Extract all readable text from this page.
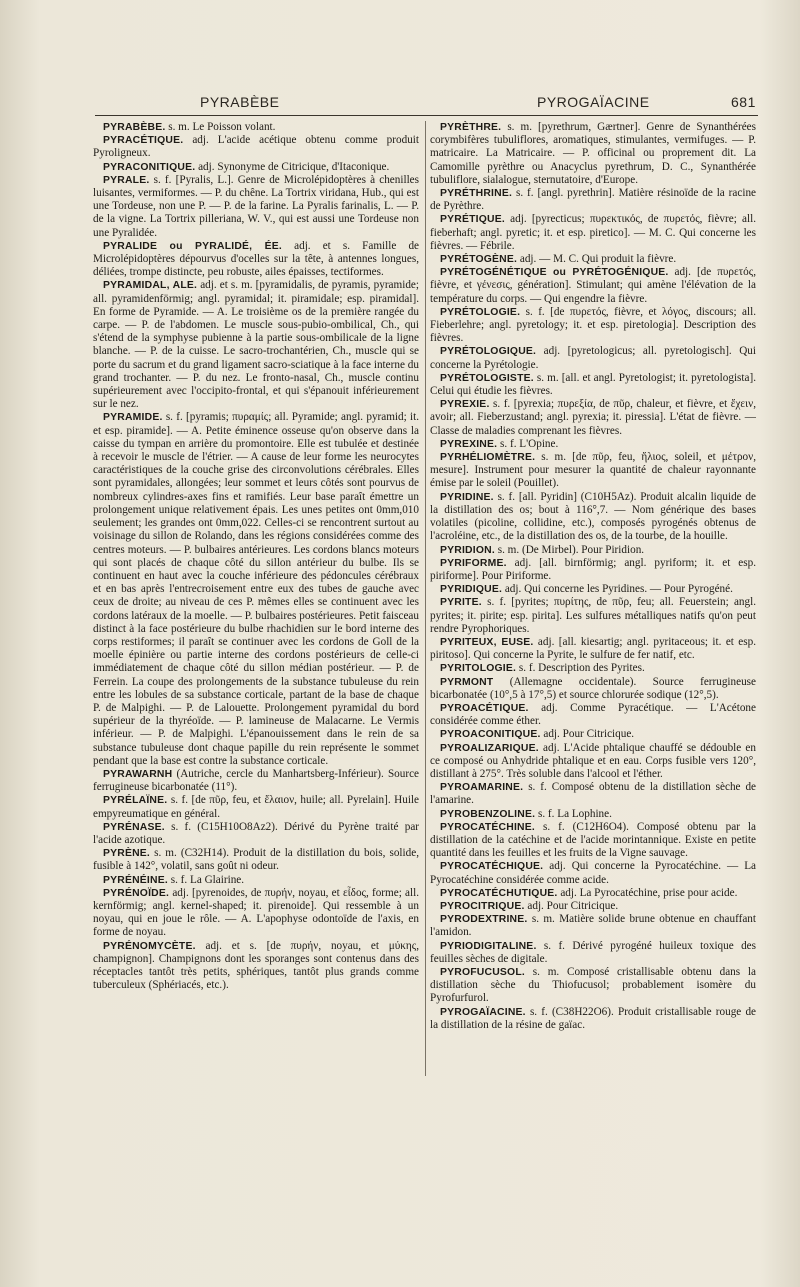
PYRABÈBE	PYROGAÏACINE	681

PYRABÈBE. s. m. Le Poisson volant.

PYRACÉTIQUE. adj. L'acide acétique obtenu comme produit Pyroligneux.

PYRACONITIQUE. adj. Synonyme de Citricique, d'Itaconique.

PYRALE. s. f. [Pyralis, L.]. Genre de Microlépidoptères à chenilles luisantes, vermiformes. — P. du chêne. La Tortrix viridana, Hub., qui est une Tordeuse, non une P. — P. de la farine. La Pyralis farinalis, L. — P. de la vigne. La Tortrix pilleriana, W. V., qui est aussi une Tordeuse non une Pyralidée.

PYRALIDE ou PYRALIDÉ, ÉE. adj. et s. Famille de Microlépidoptères dépourvus d'ocelles sur la tête, à antennes longues, déliées, trompe distincte, peu robuste, ailes épaisses, tectiformes.

PYRAMIDAL, ALE. adj. et s. m. [pyramidalis, de pyramis, pyramide; all. pyramidenförmig; angl. pyramidal; it. piramidale; esp. piramidal]. En forme de Pyramide. — A. Le troisième os de la première rangée du carpe. — P. de l'abdomen. Le muscle sous-pubio-ombilical, Ch., qui s'étend de la symphyse pubienne à la partie sous-ombilicale de la ligne blanche. — P. de la cuisse. Le sacro-trochantérien, Ch., muscle qui se porte du sacrum et du grand ligament sacro-sciatique à la face interne du grand trochanter. — P. du nez. Le fronto-nasal, Ch., muscle continu supérieurement avec l'occipito-frontal, et qui s'épanouit inférieurement sur le nez.

PYRAMIDE. s. f. [pyramis; πυραμίς; all. Pyramide; angl. pyramid; it. et esp. piramide]. — A. Petite éminence osseuse qu'on observe dans la caisse du tympan en arrière du promontoire. Elle est tubulée et destinée à recevoir le muscle de l'étrier. — A cause de leur forme les neurocytes caractéristiques de la couche grise des circonvolutions cérébrales. Elles sont pyramidales, allongées; leur sommet et leurs côtés sont pourvus de nombreux cylindres-axes fins et ramifiés. Leur base paraît émettre un prolongement unique relativement épais. Les unes petites ont 0mm,010 seulement; les grandes ont 0mm,022. Celles-ci se rencontrent surtout au voisinage du sillon de Rolando, dans les régions considérées comme des centres moteurs. — P. bulbaires antérieures. Les cordons blancs moteurs qui sont placés de chaque côté du sillon antérieur du bulbe. Ils se continuent en haut avec la couche inférieure des pédoncules cérébraux et en bas après l'entrecroisement entre eux des tubes de gauche avec ceux de droite; au niveau de ces P. mêmes elles se continuent avec les cordons latéraux de la moelle. — P. bulbaires postérieures. Petit faisceau distinct à la face postérieure du bulbe rhachidien sur le bord interne des corps restiformes; il paraît se continuer avec les cordons de Goll de la moelle épinière ou partie interne des cordons postérieurs de celle-ci immédiatement de chaque côté du sillon médian postérieur. — P. de Ferrein. La coupe des prolongements de la substance tubuleuse du rein entre les lobules de sa substance corticale, partant de la base de chaque P. de Malpighi. — P. de Lalouette. Prolongement pyramidal du bord supérieur de la thyréoïde. — P. lamineuse de Malacarne. Le Vermis inférieur. — P. de Malpighi. L'épanouissement dans le rein de sa substance tubuleuse dont chaque papille du rein représente le sommet pendant que la base est contre la substance corticale.

PYRAWARNH (Autriche, cercle du Manhartsberg-Inférieur). Source ferrugineuse bicarbonatée (11°).

PYRÉLAÏNE. s. f. [de πῦρ, feu, et ἔλαιον, huile; all. Pyrelain]. Huile empyreumatique en général.

PYRÉNASE. s. f. (C15H10O8Az2). Dérivé du Pyrène traité par l'acide azotique.

PYRÈNE. s. m. (C32H14). Produit de la distillation du bois, solide, fusible à 142°, volatil, sans goût ni odeur.

PYRÉNÉINE. s. f. La Glairine.

PYRÉNOÏDE. adj. [pyrenoides, de πυρήν, noyau, et εἶδος, forme; all. kernförmig; angl. kernel-shaped; it. pirenoide]. Qui ressemble à un noyau, qui en joue le rôle. — A. L'apophyse odontoïde de l'axis, en forme de noyau.

PYRÉNOMYCÈTE. adj. et s. [de πυρήν, noyau, et μύκης, champignon]. Champignons dont les sporanges sont contenus dans des réceptacles tantôt très petits, sphériques, tantôt plus grands comme tuberculeux (Sphériacés, etc.).

PYRÈTHRE. s. m. [pyrethrum, Gærtner]. Genre de Synanthérées corymbifères tubuliflores, aromatiques, stimulantes, vermifuges. — P. matricaire. La Matricaire. — P. officinal ou proprement dit. La Camomille pyrèthre ou Anacyclus pyrethrum, D. C., Synanthérée tubuliflore, sialalogue, sternutatoire, d'Europe.

PYRÉTHRINE. s. f. [angl. pyrethrin]. Matière résinoïde de la racine de Pyrèthre.

PYRÉTIQUE. adj. [pyrecticus; πυρεκτικός, de πυρετός, fièvre; all. fieberhaft; angl. pyretic; it. et esp. piretico]. — M. C. Qui concerne les fièvres. — Fébrile.

PYRÉTOGÈNE. adj. — M. C. Qui produit la fièvre.

PYRÉTOGÉNÉTIQUE ou PYRÉTOGÉNIQUE. adj. [de πυρετός, fièvre, et γένεσις, génération]. Stimulant; qui amène l'élévation de la température du corps. — Qui engendre la fièvre.

PYRÉTOLOGIE. s. f. [de πυρετός, fièvre, et λόγος, discours; all. Fieberlehre; angl. pyretology; it. et esp. piretologia]. Description des fièvres.

PYRÉTOLOGIQUE. adj. [pyretologicus; all. pyretologisch]. Qui concerne la Pyrétologie.

PYRÉTOLOGISTE. s. m. [all. et angl. Pyretologist; it. pyretologista]. Celui qui étudie les fièvres.

PYREXIE. s. f. [pyrexia; πυρεξία, de πῦρ, chaleur, et fièvre, et ἔχειν, avoir; all. Fieberzustand; angl. pyrexia; it. piressia]. L'état de fièvre. — Classe de maladies comprenant les fièvres.

PYREXINE. s. f. L'Opine.

PYRHÉLIOMÈTRE. s. m. [de πῦρ, feu, ἥλιος, soleil, et μέτρον, mesure]. Instrument pour mesurer la quantité de chaleur rayonnante émise par le soleil (Pouillet).

PYRIDINE. s. f. [all. Pyridin] (C10H5Az). Produit alcalin liquide de la distillation des os; bout à 116°,7. — Nom générique des bases volatiles (picoline, collidine, etc.), composés pyrogénés obtenus de l'acroléine, etc., de la distillation des os, de la tourbe, de la houille.

PYRIDION. s. m. (De Mirbel). Pour Piridion.

PYRIFORME. adj. [all. birnförmig; angl. pyriform; it. et esp. piriforme]. Pour Piriforme.

PYRIDIQUE. adj. Qui concerne les Pyridines. — Pour Pyrogéné.

PYRITE. s. f. [pyrites; πυρίτης, de πῦρ, feu; all. Feuerstein; angl. pyrites; it. pirite; esp. pirita]. Les sulfures métalliques natifs qu'on peut rendre Pyrophoriques.

PYRITEUX, EUSE. adj. [all. kiesartig; angl. pyritaceous; it. et esp. piritoso]. Qui concerne la Pyrite, le sulfure de fer natif, etc.

PYRITOLOGIE. s. f. Description des Pyrites.

PYRMONT (Allemagne occidentale). Source ferrugineuse bicarbonatée (10°,5 à 17°,5) et source chlorurée sodique (12°,5).

PYROACÉTIQUE. adj. Comme Pyracétique. — L'Acétone considérée comme éther.

PYROACONITIQUE. adj. Pour Citricique.

PYROALIZARIQUE. adj. L'Acide phtalique chauffé se dédouble en ce composé ou Anhydride phtalique et en eau. Corps fusible vers 120°, distillant à 275°. Très soluble dans l'alcool et l'éther.

PYROAMARINE. s. f. Composé obtenu de la distillation sèche de l'amarine.

PYROBENZOLINE. s. f. La Lophine.

PYROCATÉCHINE. s. f. (C12H6O4). Composé obtenu par la distillation de la catéchine et de l'acide morintannique. Existe en petite quantité dans les feuilles et les fruits de la Vigne sauvage.

PYROCATÉCHIQUE. adj. Qui concerne la Pyrocatéchine. — La Pyrocatéchine considérée comme acide.

PYROCATÉCHUTIQUE. adj. La Pyrocatéchine, prise pour acide.

PYROCITRIQUE. adj. Pour Citricique.

PYRODEXTRINE. s. m. Matière solide brune obtenue en chauffant l'amidon.

PYRIODIGITALINE. s. f. Dérivé pyrogéné huileux toxique des feuilles sèches de digitale.

PYROFUCUSOL. s. m. Composé cristallisable obtenu dans la distillation sèche du Thiofucusol; probablement isomère du Pyrofurfurol.

PYROGAÏACINE. s. f. (C38H22O6). Produit cristallisable rouge de la distillation de la résine de gaïac.
